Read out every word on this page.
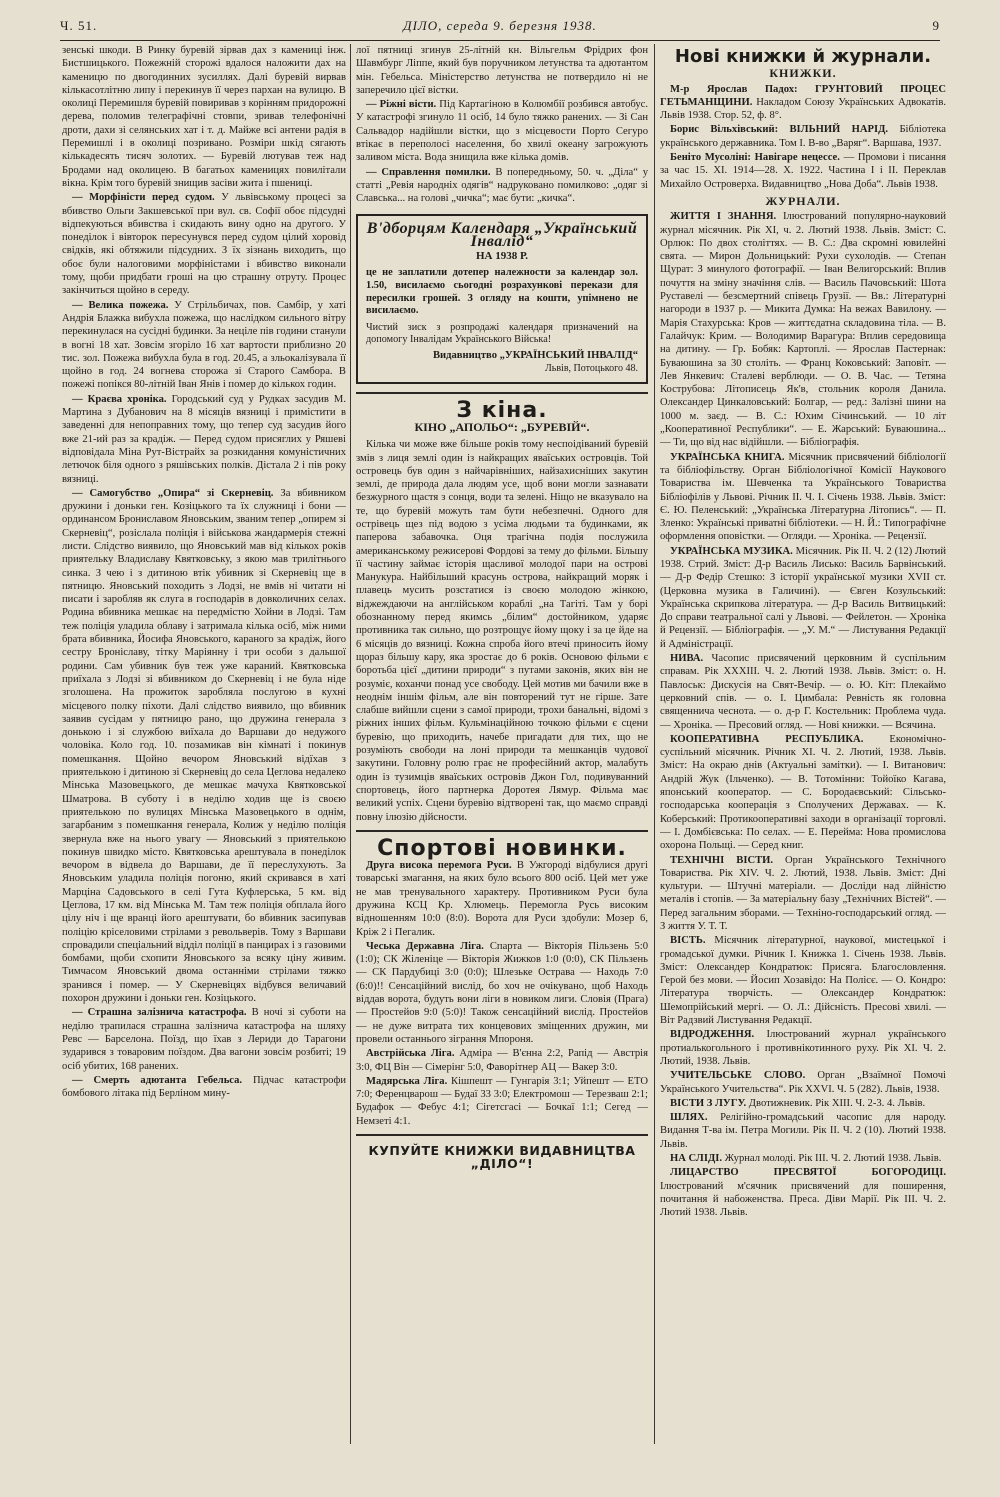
Ч. 51.	ДІЛО, середа 9. березня 1938.	9

зенські шкоди. В Ринку буревій зірвав дах з камениці інж. Бистшицького. Пожежній сторожі вдалося наложити дах на каменицю по двогодинних зусиллях. Далі буревій вирвав кількасотлітню липу і перекинув її через пархан на вулицю. В околиці Перемишля буревій повиривав з корінням придорожні дерева, поломив телеграфічні стовпи, зривав телефонічні дроти, дахи зі селянських хат і т. д. Майже всі антени радія в Перемишлі і в околиці позривано. Розміри шкід сягають кількадесять тисяч золотих. — Буревій лютував теж над Бродами над околицею. В багатьох каменицях повилітали вікна. Крім того буревій знищив засіви жита і пшениці.

— Морфіністи перед судом. У львівському процесі за вбивство Ольги Закшевської при вул. св. Софії обоє підсудні відпекуються вбивства і скидають вину одно на другого. У понеділок і вівторок пересунувся перед судом цілий хоровід свідків, які обтяжили підсудних. З їх зізнань виходить, що обоє були налоговими морфіністами і вбивство виконали тому, щоби придбати гроші на цю страшну отруту. Процес закінчиться щойно в середу.

— Велика пожежа. У Стрільбичах, пов. Самбір, у хаті Андрія Блажка вибухла пожежа, що наслідком сильного вітру перекинулася на сусідні будинки. За неціле пів години станули в вогні 18 хат. Зовсім згоріло 16 хат вартости приблизно 20 тис. зол. Пожежа вибухла була в год. 20.45, а зльокалізувала її щойно в год. 24 вогнева сторожа зі Старого Самбора. В пожежі попікся 80-літній Іван Янів і помер до кількох годин.

— Краєва хроніка. Городський суд у Рудках засудив М. Мартина з Дубанович на 8 місяців вязниці і примістити в заведенні для непоправних тому, що тепер суд засудив його вже 21-ий раз за крадіж. — Перед судом присяглих у Ряшеві відповідала Міна Рут-Вістрайх за розкидання комуністичних летючок біля одного з ряшівських полків. Дістала 2 і пів року вязниці.

— Самогубство „Опира“ зі Скерневіц. За вбивником дружини і доньки ген. Козіцького та їх служниці і бони — ординансом Брониславом Яновським, званим тепер „опирем зі Скерневіц“, розіслала поліція і військова жандармерія стежні листи. Слідство виявило, що Яновський мав від кількох років приятельку Владиславу Квятковську, з якою мав трилітнього синка. З чею і з дитиною втік убивник зі Скерневіц ще в пятницю. Яновський походить з Лодзі, не вмів ні читати ні писати і заробляв як слуга в господарів в довколичних селах. Родина вбивника мешкає на передмістю Хойни в Лодзі. Там теж поліція уладила облаву і затримала кілька осіб, між ними брата вбивника, Йосифа Яновського, караного за крадіж, його сестру Броніславу, тітку Маріянну і три особи з дальшої родини. Сам убивник був теж уже караний. Квятковська приїхала з Лодзі зі вбивником до Скерневіц і не була ніде зголошена. На прожиток заробляла послугою в кухні місцевого полку піхоти. Далі слідство виявило, що вбивник заявив сусідам у пятницю рано, що дружина генерала з донькою і зі службою виїхала до Варшави до недужого чоловіка. Коло год. 10. позамикав він кімнаті і покинув помешкання. Щойно вечором Яновський відїхав з приятелькою і дитиною зі Скерневіц до села Цеглова недалеко Мінська Мазовецького, де мешкає мачуха Квятковської Шматрова. В суботу і в неділю ходив ще із своєю приятелькою по вулицях Мінська Мазовецького в однім, загарбаним з помешкання генерала, Колиж у неділю поліція звернула вже на нього увагу — Яновський з приятелькою покинув швидко місто. Квятковська арештувала в понеділок вечором в відвела до Варшави, де її переслухують. За Яновським уладила поліція погоню, який скривався в хаті Марціна Садовського в селі Гута Куфлерська, 5 км. від Цеглова, 17 км. від Мінська М. Там теж поліція обплала його цілу ніч і ще вранці його арештувати, бо вбивник засипував поліцію кріселовими стрілами з револьверів. Тому з Варшави спровадили спеціальний відділ поліції в панцирах і з газовими бомбами, щоби схопити Яновського за всяку ціну живим. Тимчасом Яновський двома останніми стрілами тяжко зранився і помер. — У Скерневіцях відбувся величавий похорон дружини і доньки ген. Козіцького.

— Страшна залізнича катастрофа. В ночі зі суботи на неділю трапилася страшна залізнича катастрофа на шляху Ревс — Барселона. Поїзд, що їхав з Лериди до Тарагони зударився з товаровим поїздом. Два вагони зовсім розбиті; 19 осіб убитих, 168 ранених.

— Смерть адютанта Гебельса. Підчас катастрофи бомбового літака під Берліном мину-

лої пятниці згинув 25-літній кн. Вільгельм Фрідрих фон Шавмбург Ліппе, який був поручником летунства та адютантом мін. Гебельса. Міністерство летунства не потвердило ні не заперечило цієї вістки.

— Ріжні вісти. Під Картагіною в Колюмбії розбився автобус. У катастрофі згинуло 11 осіб, 14 було тяжко ранених. — Зі Сан Сальвадор надійшли вістки, що з місцевости Порто Сегуро втікає в переполосі населення, бо хвилі океану загрожують заливом міста. Вода знищила вже кілька домів.

— Справлення помилки. В попередньому, 50. ч. „Діла“ у статті „Ревія народніх одягів“ надруковано помилково: „одяг зі Славська... на голові „чичка“; має бути: „кичка“.

В'дборцям Календаря „Український Інвалід“
НА 1938 Р.
це не заплатили дотепер належности за календар зол. 1.50, висилаємо сьогодні розрахункові перекази для пересилки грошей. З огляду на кошти, упімнено не висилаємо.
Чистий зиск з розпродажі календаря призначений на допомогу Інвалідам Українського Війська!
Видавництво „УКРАЇНСЬКИЙ ІНВАЛІД“
Львів, Потоцького 48.
З кіна.
КІНО „АПОЛЬО“: „БУРЕВІЙ“.

Кілька чи може вже більше років тому неспоідіваний буревій змів з лиця землі один із найкращих яваїських островців. Той островець був один з найчарівніших, найзахисніших закутин землі, де природа дала людям усе, щоб вони могли зазнавати безжурного щастя з сонця, води та зелені. Ніщо не вказувало на те, що буревій можуть там бути небезпечні. Одного для острівець щез під водою з усіма людьми та будинками, як паперова забавочка. Оця трагічна подія послужила американському режисерові Фордові за тему до фільми. Більшу її частину займає історія щасливої молодої пари на острові Манукура. Найбільший красунь острова, найкращий моряк і плавець мусить розстатися із своєю молодою жінкою, віджеждаючи на англійськом кораблі „на Тагіті. Там у борі обознанному перед якимсь „білим“ достойником, ударяє противника так сильно, що розтрощує йому щоку і за це йде на 6 місяців до вязниці. Кожна спроба його втечі приносить йому щораз більшу кару, яка зростає до 6 років. Основою фільми є боротьба цієї „дитини природи“ з путами законів, яких він не розуміє, коханчи понад усе свободу. Цей мотив ми бачили вже в неоднім іншім фільм, але він повторений тут не гірше. Зате слабше вийшли сцени з самої природи, трохи банальні, відомі з ріжних інших фільм. Кульмінаційною точкою фільми є сцени буревію, що приходить, начебе пригадати для тих, що не розуміють свободи на лоні природи та мешканців чудової закутини. Головну ролю грає не професійний актор, малабуть один із тузимців яваїських островів Джон Гол, подивуванний спортовець, його партнерка Доротея Лямур. Фільма має великий успіх. Сцени буревію відтворені так, що маємо справді повну ілюзію дійсности.

Спортові новинки.

Друга висока перемога Руси. В Ужгороді відбулися другі товарські змагання, на яких було всього 800 осіб. Цей мет уже не мав тренувального характеру. Противником Руси була дружина КСЦ Кр. Хлюмець. Перемогла Русь високим відношенням 10:0 (8:0). Ворота для Руси здобули: Мозер 6, Кріж 2 і Пегалик.

Чеська Державна Ліга. Спарта — Вікторія Пільзень 5:0 (1:0); СК Жіленіце — Вікторія Жижков 1:0 (0:0), СК Пільзень — СК Пардубиці 3:0 (0:0); Шлезьке Острава — Находь 7:0 (6:0)!! Сенсаційний вислід, бо хоч не очікувано, щоб Находь віддав ворота, будуть вони ліги в новиком лиги. Словія (Прага) — Простейов 9:0 (5:0)! Також сенсаційний вислід. Простейов — не дуже витрата тих концевових зміщенних дружин, ми провели останнього зіграння Мпороня.

Австрійська Ліга. Адміра — В'єнна 2:2, Рапід — Австрія 3:0, ФЦ Він — Сімерінг 5:0, Фаворітнер АЦ — Вакер 3:0.

Мадярська Ліга. Кішпешт — Гунгарія 3:1; Уйпешт — ЕТО 7:0; Ференцварош — Будаї 33 3:0; Електромош — Терезваш 2:1; Будафок — Фебус 4:1; Сігетсгасі — Бочкаї 1:1; Сегед — Немзеті 4:1.

КУПУЙТЕ КНИЖКИ ВИДАВНИЦТВА „ДІЛО“!
Нові книжки й журнали.
КНИЖКИ.

М-р Ярослав Падох: ГРУНТОВИЙ ПРОЦЕС ГЕТЬМАНЩИНИ. Накладом Союзу Українських Адвокатів. Львів 1938. Стор. 52, ф. 8°.

Борис Вільхівський: ВІЛЬНИЙ НАРІД. Бібліотека українського державника. Том І. В-во „Варяг“. Варшава, 1937.

Беніто Мусоліні: Навігаре нецессе. — Промови і писання за час 15. XI. 1914—28. X. 1922. Частина І і II. Переклав Михайло Островерха. Видавництво „Нова Доба“. Львів 1938.

ЖУРНАЛИ.

ЖИТТЯ І ЗНАННЯ. Ілюстрований популярно-науковий журнал місячник. Рік XI, ч. 2. Лютий 1938. Львів. Зміст: С. Орлюк: По двох століттях. — В. С.: Два скромні ювилейні свята. — Мирон Дольницький: Рухи сухолодів. — Степан Щурат: З минулого фотографії. — Іван Велигорський: Вплив почуття на зміну значіння слів. — Василь Пачовський: Шота Руставелі — безсмертний співець Грузії. — Вв.: Літературні нагороди в 1937 р. — Микита Думка: На вежах Вавилону. — Марія Стахурська: Кров — життєдатна складовина тіла. — В. Галайчук: Крим. — Володимир Варагура: Вплив середовища на дитину. — Гр. Бобяк: Картоплі. — Ярослав Пастернак: Буваюшина за 30 століть. — Франц Коковський: Заповіт. — Лев Янкевич: Сталеві верблюди. — О. В. Час. — Тетяна Кострубова: Літописець Як'в, стольник короля Данила. Олександер Цинкаловський: Болгар, — ред.: Залізні шини на 1000 м. заєд. — В. С.: Юхим Січинський. — 10 літ „Кооперативної Республики“. — Е. Жарський: Буваюшина... — Ти, що від нас відійшли. — Бібліографія.

УКРАЇНСЬКА КНИГА. Місячник присвячений бібліології та бібліофільству. Орган Бібліологічної Комісії Наукового Товариства ім. Шевченка та Українського Товариства Бібліофілів у Львові. Річник II. Ч. І. Січень 1938. Львів. Зміст: Є. Ю. Пеленський: „Українська Літературна Літопись“. — П. Зленко: Українські приватні бібліотеки. — Н. Й.: Типографічне оформлення оповістки. — Огляди. — Хроніка. — Рецензії.

УКРАЇНСЬКА МУЗИКА. Місячник. Рік II. Ч. 2 (12) Лютий 1938. Стрий. Зміст: Д-р Василь Лисько: Василь Барвінський. — Д-р Федір Стешко: З історії української музики XVII ст. (Церковна музика в Галичині). — Євген Козульський: Українська скрипкова література. — Д-р Василь Витвицький: До справи театральної салі у Львові. — Фейлетон. — Хроніка й Рецензії. — Бібліографія. — „У. М.“ — Листування Редакції й Адміністрації.

НИВА. Часопис присвячений церковним й суспільним справам. Рік XXXIII. Ч. 2. Лютий 1938. Львів. Зміст: о. Н. Павлоськ: Дискусія на Свят-Вечір. — о. Ю. Кіт: Плекаймо церковний спів. — о. І. Цимбала: Ревність як головна священнича чеснота. — о. д-р Г. Костельник: Проблема чуда. — Хроніка. — Пресовий огляд. — Нові книжки. — Всячина.

КООПЕРАТИВНА РЕСПУБЛИКА. Економічно-суспільний місячник. Річник XI. Ч. 2. Лютий, 1938. Львів. Зміст: На окраю днів (Актуальні замітки). — І. Витанович: Андрій Жук (Ільченко). — В. Тотомінни: Тойоїко Кагава, японський кооператор. — С. Бородаєвський: Сільсько-господарська кооперація з Сполучених Державах. — К. Коберський: Протикооперативні заходи в організації торговлі. — І. Домбієвська: По селах. — Е. Перейма: Нова промислова охорона Польщі. — Серед книг.

ТЕХНІЧНІ ВІСТИ. Орган Українського Технічного Товариства. Рік XIV. Ч. 2. Лютий, 1938. Львів. Зміст: Дні культури. — Штучні матеріали. — Досліди над лійністю металів і стопів. — За матеріальну базу „Технічних Вістей“. — Перед загальним зборами. — Техніно-господарський огляд. — З життя У. Т. Т.

ВІСТЬ. Місячник літературної, наукової, мистецької і громадської думки. Річник І. Книжка 1. Січень 1938. Львів. Зміст: Олександер Кондратюк: Присяга. Благословлення. Герой без мови. — Йосип Хозавідо: На Полісє. — О. Кондро: Література творчість. — Олександер Кондратюк: Шемопрійський мергі. — О. Л.: Дійсність. Пресові хвилі. — Віт Радзвий Листування Редакції.

ВІДРОДЖЕННЯ. Ілюстрований журнал українського протиалькогольного і противнікотинного руху. Рік XI. Ч. 2. Лютий, 1938. Львів.

УЧИТЕЛЬСЬКЕ СЛОВО. Орган „Взаїмної Помочі Українського Учительства“. Рік XXVI. Ч. 5 (282). Львів, 1938.

ВІСТИ З ЛУГУ. Двотижневик. Рік XIII. Ч. 2-3. 4. Львів.

ШЛЯХ. Релігійно-громадський часопис для народу. Видання Т-ва ім. Петра Могили. Рік II. Ч. 2 (10). Лютий 1938. Львів.

НА СЛІДІ. Журнал молоді. Рік III. Ч. 2. Лютий 1938. Львів.

ЛИЦАРСТВО ПРЕСВЯТОЇ БОГОРОДИЦІ. Ілюстрований м'сячник присвячений для поширення, почитання й набоженства. Преса. Діви Марії. Рік III. Ч. 2. Лютий 1938. Львів.
